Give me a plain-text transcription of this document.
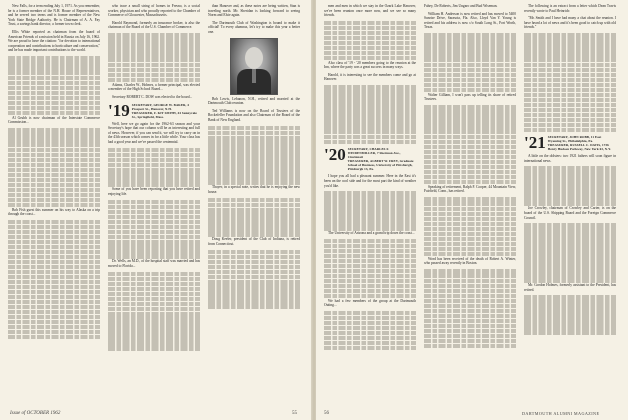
New Falls, for a term ending July 1, 1971. As you remember, he is a former member of the N.H. House of Representatives, and he served two terms and is former member of the New York State Bridge Authority. He is Chairman of A. A. Fay Trust, a savings bank director, a former town clerk.

Ellis White reported as chairman from the board of American Friends of a mission held in Russia on July 16, 1962. We are proud to have the citation: "for devotion to international cooperation and contributions to horticulture and conservation," and he has made important contributions to the world.

Al Grubb is now chairman of the Interstate Commerce Commission...

Bob Fish guest this summer on his way to Alaska on a trip through the coast...

who trace a small string of homes in Fresno, is a social worker, physician and who proudly reported to the Chamber of Commerce of Gloucester, Massachusetts.

Harold Raymond, formerly an insurance broker, is also the chairman of the Board of the U.S. Chamber of Commerce.

Adams, Charles W., Holmes, a former principal, was elected a member of the High School Board...

Secretary ROBERT C. DOW was elected to the board...

'19 SECRETARY, GEORGE W. BAKER, 4 Prospect St., Hanover, N.H.
TREASURER, F. KIT SMITH, 44 Sunnyvale St., Springfield, Mass.

Well, here we go again for the 1962-63 season and your Secretary's hope that our column will be as interesting and full of news. However, if you can send it, we will try to carry on in the 43th season which comes in for a little while. Your class has had a good year and we've passed the centennial.

Some of you have been reporting that you have retired and enjoying life.

Dr. Wells, an M.D., of the hospital staff was married and has moved to Florida...

than Hanover and, as these notes are being written, Stan is traveling north. Mr. Sheridan is looking forward to seeing Norm and Elsie again.

The Dartmouth Club of Washington is bound to make it official! To every alumnus, let's try to make this year a better one.

Bob Lewis, Lebanon, N.H., retired and married at the Dartmouth Club reunion.

Ted Williams is now on the Board of Trustees of the Rockefeller Foundation and also Chairman of the Board of the Bank of New England.

Thayer, in a special note, writes that he is enjoying the new house.

Doug Keeler, president of the Club of Indiana, is retired from Connecticut.

Issue of OCTOBER 1962	55

men and men in which we stay in the Ozark Lake Hanover, we've been reunion once more now, and we see so many friends.

Also class of '19 - '20 members going to the reunion at the Inn, where the party was a great success in many ways.

Harold, it is interesting to see the members come and go at Hanover.

'20 SECRETARY, CHARLES F. WEIDENMILLER, 7 Sherman Ave., Cincinnati
TREASURER, ALBERT W. FREY, Graduate School of Business, University of Pittsburgh, Pittsburgh 13, Pa.

I hope you all had a pleasant summer. Here in the East it's been on the cool side and for the most part the kind of weather you'd like.

The University of Arizona and a grand trip down the coast...

We had a few members of the group at the Dartmouth Outing...

Fahey, De Roberts, Jim Ungaro and Bud Wiseman.

William H. Anderson is now retired and has moved to 5400 Sunrise Drive, Sarasota, Fla. Also, Lloyd Van Y. Young is retired and his address is now c/o South Long St., Fort Worth, Texas.

Walter Gilliam, I won't pass up telling its share of retired Trustees.

Speaking of retirement, Ralph F. Cooper, 44 Mountain View, Fairfield, Conn., has retired.

Word has been received of the death of Robert A. Winter, who passed away recently in Boston.

The following is an extract from a letter which Dean Travis recently wrote to Paul Heinrich:

"Mr. Smith and I have had many a chat about the reunion. I have heard a lot of news and it's been good to catch up with old friends."

'21 SECRETARY, JOHN ROBB, 11 East Wyoming St., Philadelphia, Pa.
TREASURER, RUSSELL C. DAVIS, 1736 Henry Hudson Parkway, New York 63, N.Y.

A little on the oldsters: two 1921 fathers will soon figure in international news.

Joe Crowley, chairman of Crowley and Carter, is on the board of the U.S. Shipping Board and the Foreign Commerce Council.

Mr. Gordon Holmes, formerly assistant to the President, has retired.

56	DARTMOUTH ALUMNI MAGAZINE
